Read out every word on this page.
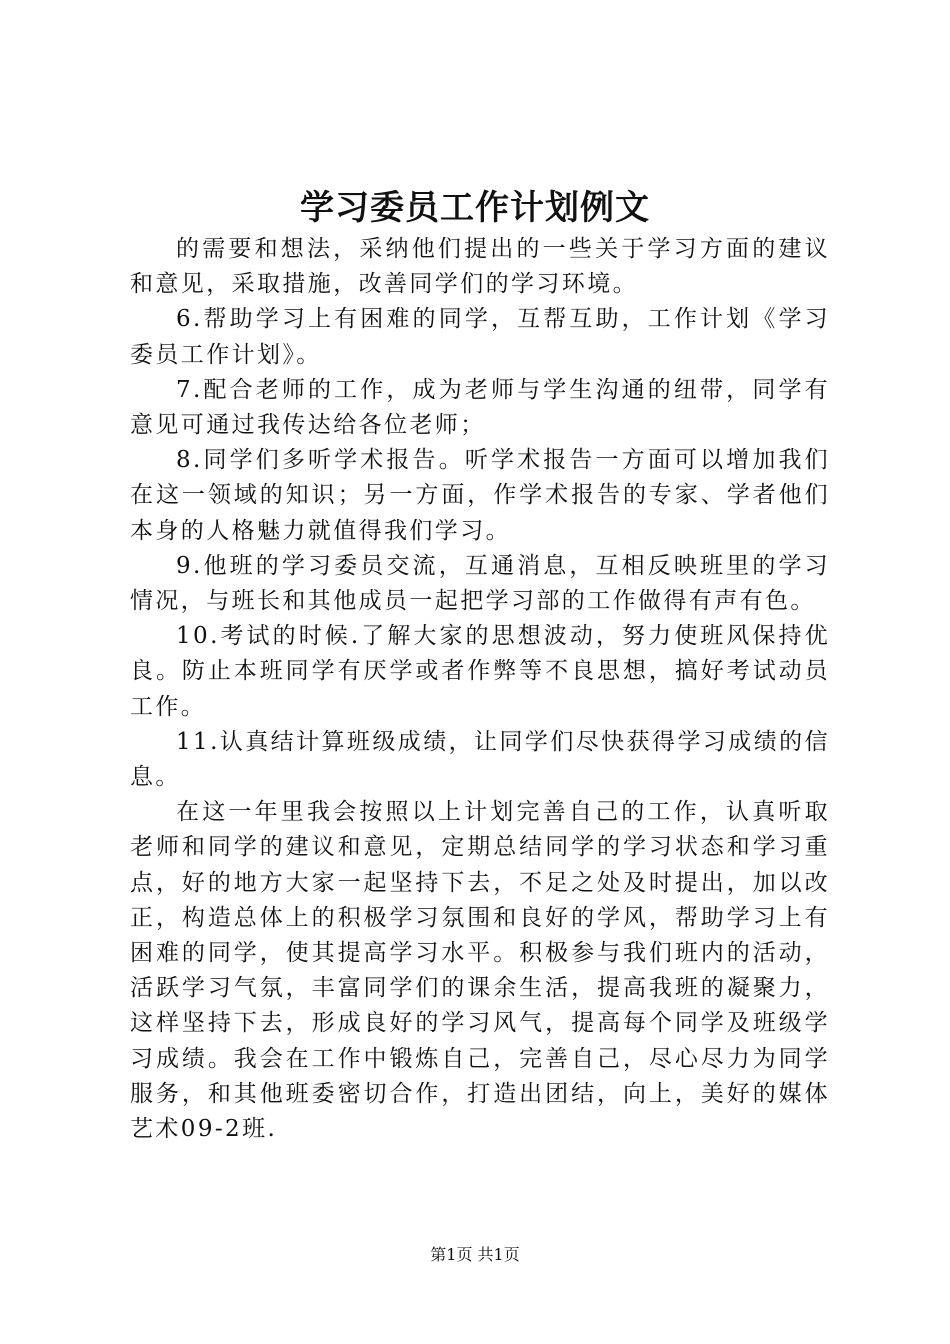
学习委员工作计划例文

的需要和想法，采纳他们提出的一些关于学习方面的建议和意见，采取措施，改善同学们的学习环境。

6.帮助学习上有困难的同学，互帮互助，工作计划《学习委员工作计划》。

7.配合老师的工作，成为老师与学生沟通的纽带，同学有意见可通过我传达给各位老师；

8.同学们多听学术报告。听学术报告一方面可以增加我们在这一领域的知识；另一方面，作学术报告的专家、学者他们本身的人格魅力就值得我们学习。

9.他班的学习委员交流，互通消息，互相反映班里的学习情况，与班长和其他成员一起把学习部的工作做得有声有色。

10.考试的时候.了解大家的思想波动，努力使班风保持优良。防止本班同学有厌学或者作弊等不良思想，搞好考试动员工作。

11.认真结计算班级成绩，让同学们尽快获得学习成绩的信息。

在这一年里我会按照以上计划完善自己的工作，认真听取老师和同学的建议和意见，定期总结同学的学习状态和学习重点，好的地方大家一起坚持下去，不足之处及时提出，加以改正，构造总体上的积极学习氛围和良好的学风，帮助学习上有困难的同学，使其提高学习水平。积极参与我们班内的活动，活跃学习气氛，丰富同学们的课余生活，提高我班的凝聚力，这样坚持下去，形成良好的学习风气，提高每个同学及班级学习成绩。我会在工作中锻炼自己，完善自己，尽心尽力为同学服务，和其他班委密切合作，打造出团结，向上，美好的媒体艺术09-2班.

第1页 共1页
